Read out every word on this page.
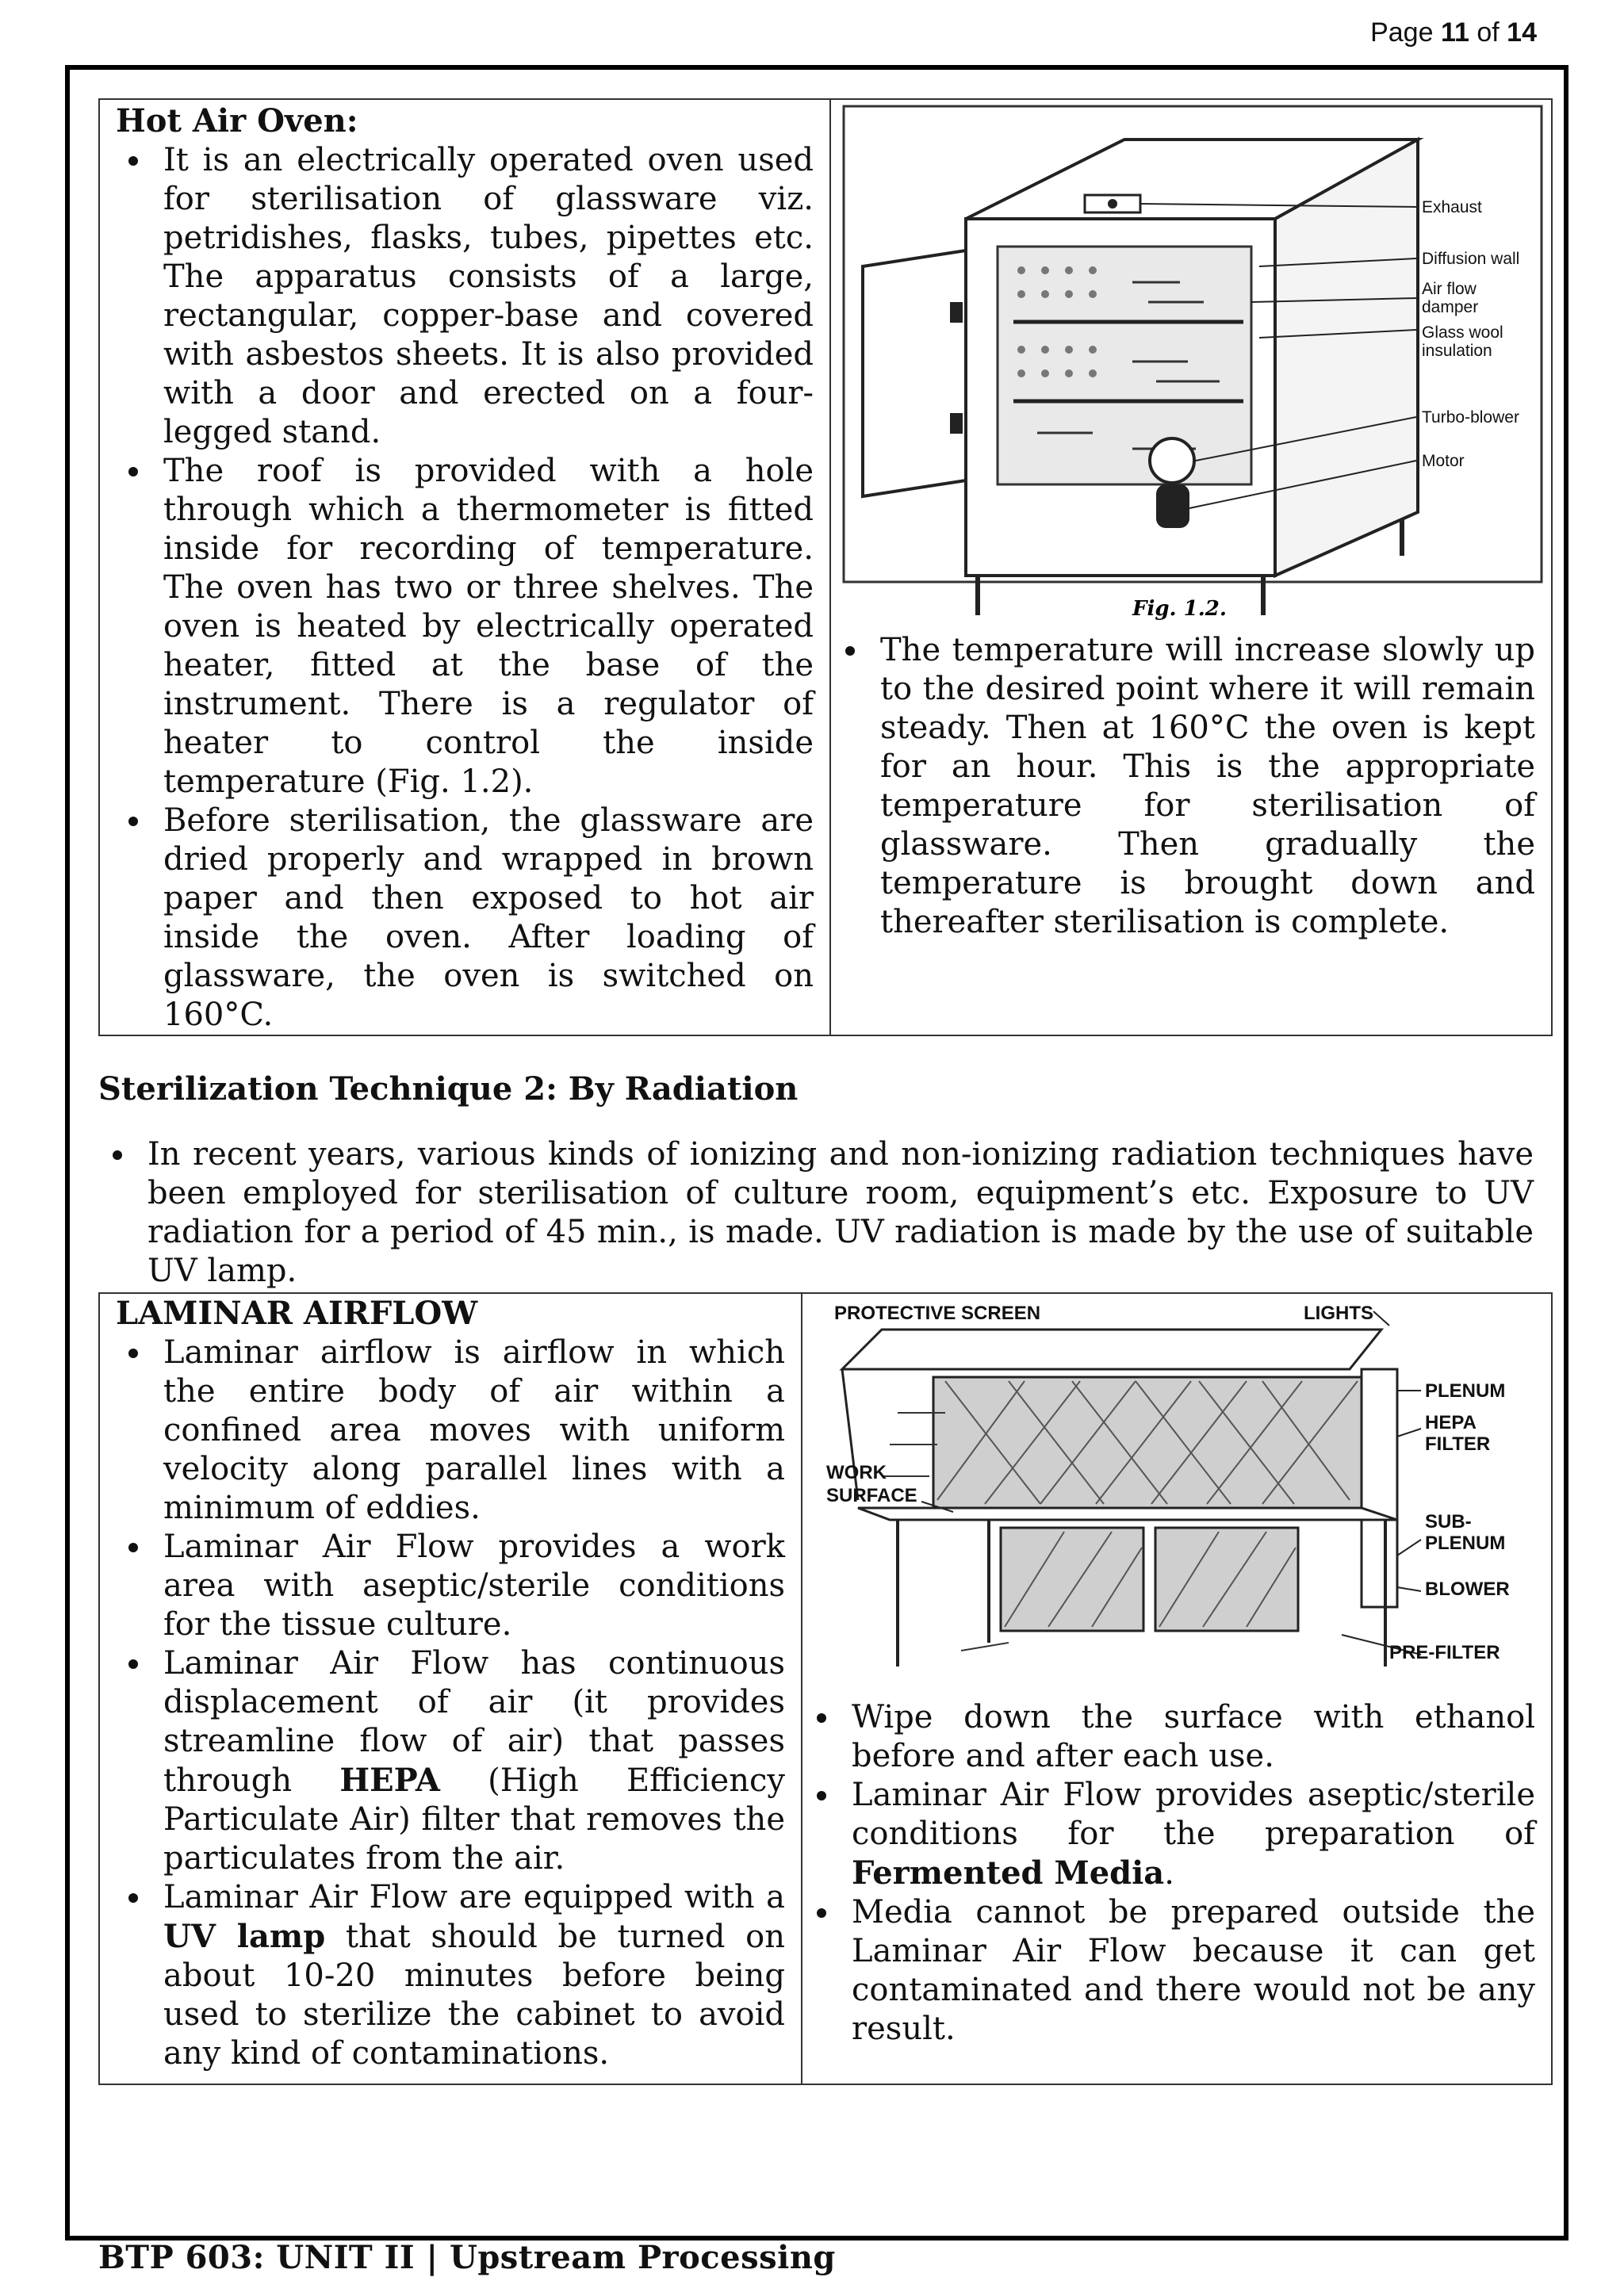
Page 11 of 14
Hot Air Oven:
It is an electrically operated oven used for sterilisation of glassware viz. petridishes, flasks, tubes, pipettes etc. The apparatus consists of a large, rectangular, copper-base and covered with asbestos sheets. It is also provided with a door and erected on a four-legged stand.
The roof is provided with a hole through which a thermometer is fitted inside for recording of temperature. The oven has two or three shelves. The oven is heated by electrically operated heater, fitted at the base of the instrument. There is a regulator of heater to control the inside temperature (Fig. 1.2).
Before sterilisation, the glassware are dried properly and wrapped in brown paper and then exposed to hot air inside the oven. After loading of glassware, the oven is switched on 160°C.

Exhaust
Diffusion wall
Air flow
damper
Glass wool
insulation
Turbo-blower
Motor
Fig. 1.2.
The temperature will increase slowly up to the desired point where it will remain steady. Then at 160°C the oven is kept for an hour. This is the appropriate temperature for sterilisation of glassware. Then gradually the temperature is brought down and thereafter sterilisation is complete.
Sterilization Technique 2: By Radiation
In recent years, various kinds of ionizing and non-ionizing radiation techniques have been employed for sterilisation of culture room, equipment’s etc. Exposure to UV radiation for a period of 45 min., is made. UV radiation is made by the use of suitable UV lamp.
LAMINAR AIRFLOW
Laminar airflow is airflow in which the entire body of air within a confined area moves with uniform velocity along parallel lines with a minimum of eddies.
Laminar Air Flow provides a work area with aseptic/sterile conditions for the tissue culture.
Laminar Air Flow has continuous displacement of air (it provides streamline flow of air) that passes through HEPA (High Efficiency Particulate Air) filter that removes the particulates from the air.
Laminar Air Flow are equipped with a UV lamp that should be turned on about 10-20 minutes before being used to sterilize the cabinet to avoid any kind of contaminations.

PROTECTIVE SCREEN	LIGHTS
PLENUM
HEPA
FILTER
WORK
SURFACE
SUB-
PLENUM
BLOWER
PRE-FILTER
Wipe down the surface with ethanol before and after each use.
Laminar Air Flow provides aseptic/sterile conditions for the preparation of Fermented Media.
Media cannot be prepared outside the Laminar Air Flow because it can get contaminated and there would not be any result.
BTP 603: UNIT II | Upstream Processing
